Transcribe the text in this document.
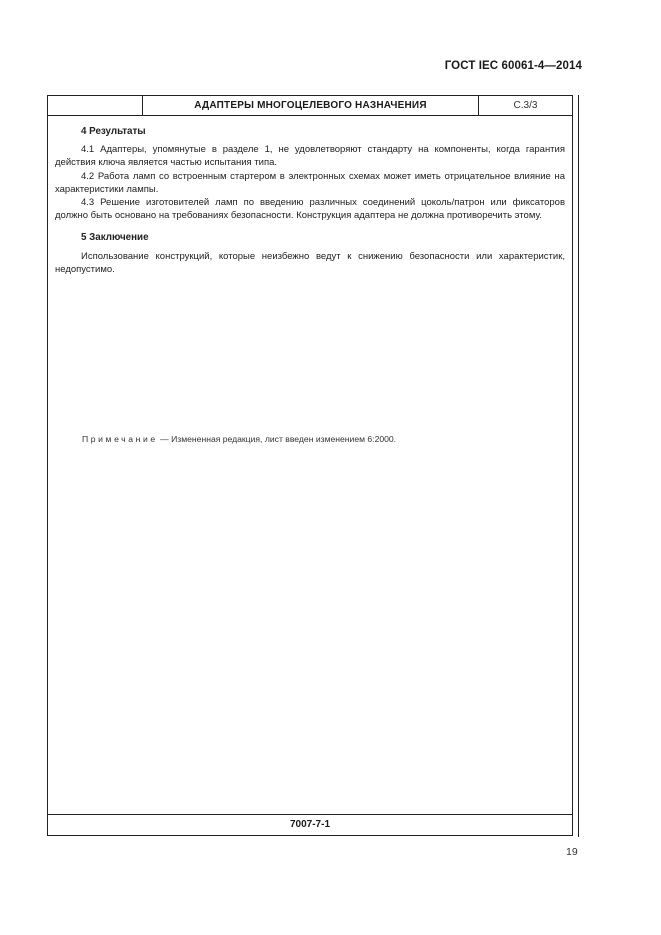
ГОСТ IEC 60061-4—2014
АДАПТЕРЫ МНОГОЦЕЛЕВОГО НАЗНАЧЕНИЯ	С.3/3

4 Результаты

4.1 Адаптеры, упомянутые в разделе 1, не удовлетворяют стандарту на компоненты, когда гарантия действия ключа является частью испытания типа.

4.2 Работа ламп со встроенным стартером в электронных схемах может иметь отрицательное влияние на характеристики лампы.

4.3 Решение изготовителей ламп по введению различных соединений цоколь/патрон или фиксаторов должно быть основано на требованиях безопасности. Конструкция адаптера не должна противоречить этому.

5 Заключение

Использование конструкций, которые неизбежно ведут к снижению безопасности или характеристик, недопустимо.

Примечание — Измененная редакция, лист введен изменением 6:2000.
7007-7-1
19
